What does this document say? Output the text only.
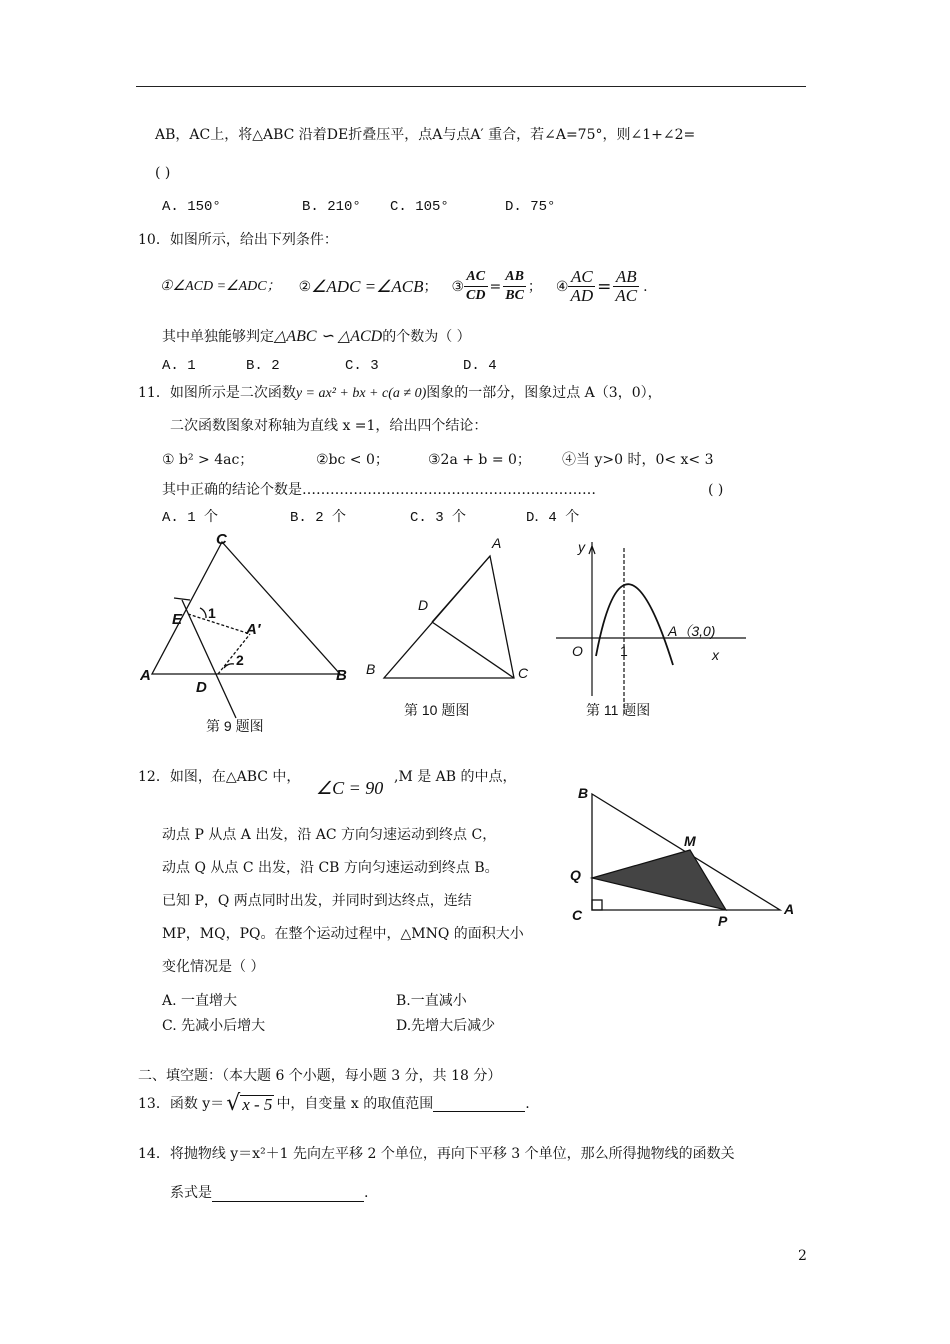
AB，AC上，将△ABC 沿着DE折叠压平，点A与点A′ 重合，若∠A=75°，则∠1+∠2=
( )
A. 150°	B. 210° C. 105°	D. 75°
10．如图所示，给出下列条件：
①∠ACD =∠ADC； ② ∠ADC =∠ACB ； ③ $\frac{AC}{CD} = \frac{AB}{BC}$ ； ④ $\frac{AC}{AD} = \frac{AB}{AC}$ .
其中单独能够判定△ABC ∽ △ACD的个数为（ ）
A. 1	B. 2	C. 3	D. 4
11．如图所示是二次函数y = ax² + bx + c(a ≠ 0)图象的一部分，图象过点 A（3，0），
二次函数图象对称轴为直线 x =1，给出四个结论：
① b² > 4ac；	②bc < 0；	③2a + b = 0； ④当 y>0 时，0< x< 3
其中正确的结论个数是………………………………………………………	( )
A. 1 个	B. 2 个	C. 3 个	D．4 个
C
E
A
D
B
A′
1
2
第 9 题图
A
D
B	C
第 10 题图
y
O	1
A（3,0)
x
第 11 题图
12．如图，在△ABC 中，
∠C = 90
,M 是 AB 的中点，
动点 P 从点 A 出发，沿 AC 方向匀速运动到终点 C，
动点 Q 从点 C 出发，沿 CB 方向匀速运动到终点 B。
已知 P，Q 两点同时出发，并同时到达终点，连结
MP，MQ，PQ。在整个运动过程中，△MNQ 的面积大小
变化情况是（ ）
A. 一直增大	B.一直减小
C. 先减小后增大	D.先增大后减少
B
M
Q
C	P
A
二、填空题：（本大题 6 个小题，每小题 3 分，共 18 分）
13．函数 y＝ √ x - 5 中，自变量 x 的取值范围	.
14．将抛物线 y＝x²＋1 先向左平移 2 个单位，再向下平移 3 个单位，那么所得抛物线的函数关
系式是	.
2
